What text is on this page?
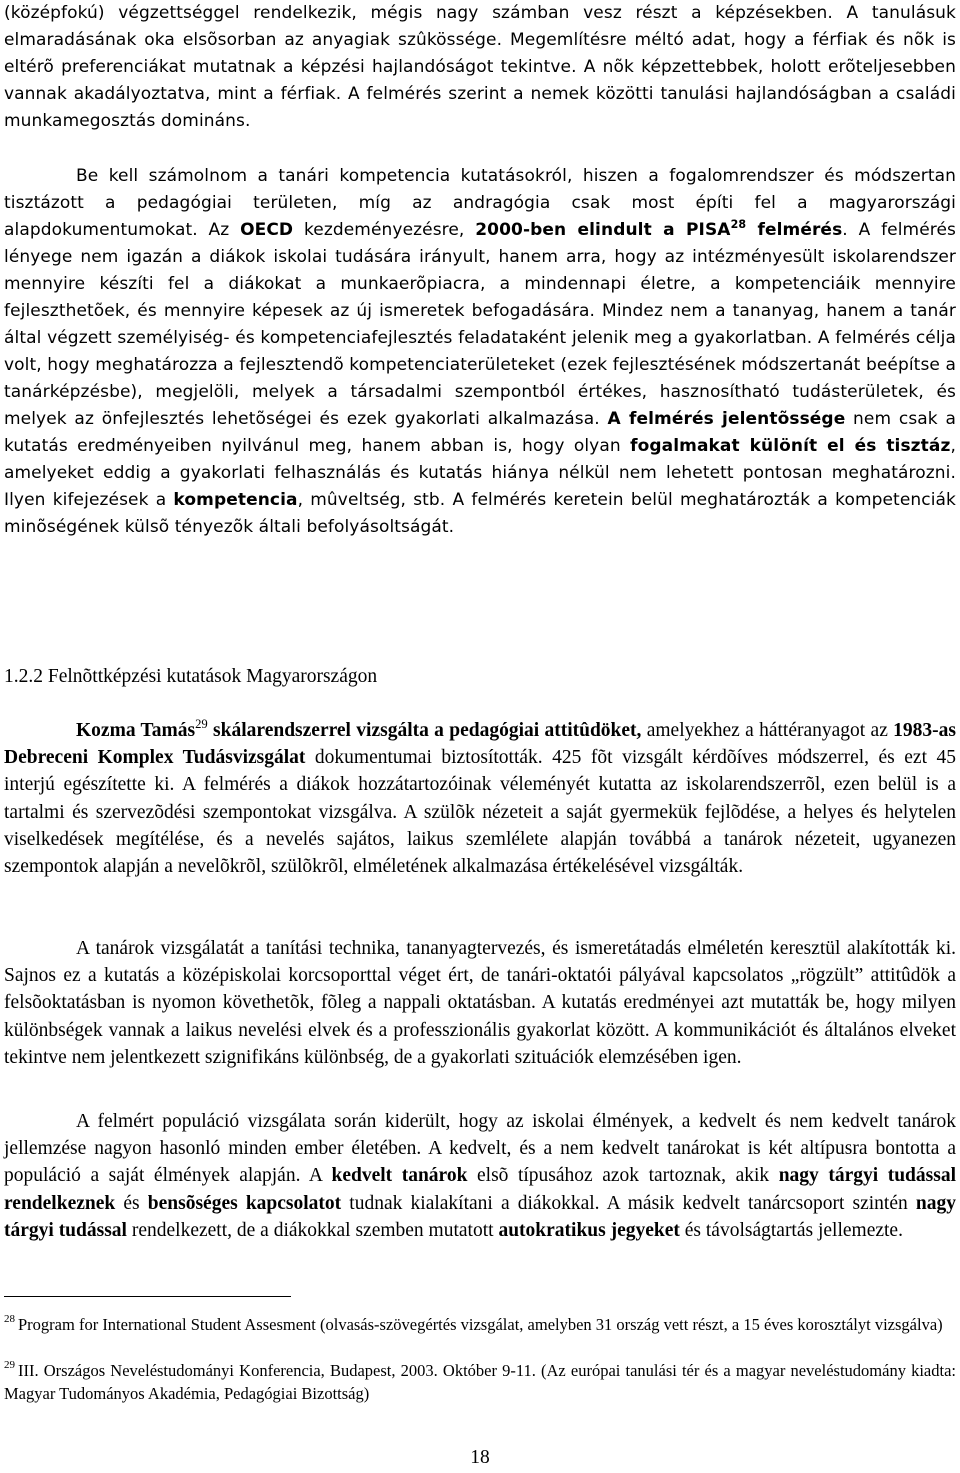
(középfokú) végzettséggel rendelkezik, mégis nagy számban vesz részt a képzésekben. A tanulásuk elmaradásának oka elsõsorban az anyagiak szûkössége. Megemlítésre méltó adat, hogy a férfiak és nõk is eltérõ preferenciákat mutatnak a képzési hajlandóságot tekintve. A nõk képzettebbek, holott erõteljesebben vannak akadályoztatva, mint a férfiak. A felmérés szerint a nemek közötti tanulási hajlandóságban a családi munkamegosztás domináns.

Be kell számolnom a tanári kompetencia kutatásokról, hiszen a fogalomrendszer és módszertan tisztázott a pedagógiai területen, míg az andragógia csak most építi fel a magyarországi alapdokumentumokat. Az OECD kezdeményezésre, 2000-ben elindult a PISA$^{28}$ felmérés. A felmérés lényege nem igazán a diákok iskolai tudására irányult, hanem arra, hogy az intézményesült iskolarendszer mennyire készíti fel a diákokat a munkaerõpiacra, a mindennapi életre, a kompetenciáik mennyire fejleszthetõek, és mennyire képesek az új ismeretek befogadására. Mindez nem a tananyag, hanem a tanár által végzett személyiség- és kompetenciafejlesztés feladataként jelenik meg a gyakorlatban. A felmérés célja volt, hogy meghatározza a fejlesztendõ kompetenciaterületeket (ezek fejlesztésének módszertanát beépítse a tanárképzésbe), megjelöli, melyek a társadalmi szempontból értékes, hasznosítható tudásterületek, és melyek az önfejlesztés lehetõségei és ezek gyakorlati alkalmazása. A felmérés jelentõssége nem csak a kutatás eredményeiben nyilvánul meg, hanem abban is, hogy olyan fogalmakat különít el és tisztáz, amelyeket eddig a gyakorlati felhasználás és kutatás hiánya nélkül nem lehetett pontosan meghatározni. Ilyen kifejezések a kompetencia, mûveltség, stb. A felmérés keretein belül meghatározták a kompetenciák minõségének külsõ tényezõk általi befolyásoltságát.

1.2.2 Felnõttképzési kutatások Magyarországon

Kozma Tamás$^{29}$ skálarendszerrel vizsgálta a pedagógiai attitûdöket, amelyekhez a háttéranyagot az 1983-as Debreceni Komplex Tudásvizsgálat dokumentumai biztosították. 425 fõt vizsgált kérdõíves módszerrel, és ezt 45 interjú egészítette ki. A felmérés a diákok hozzátartozóinak véleményét kutatta az iskolarendszerrõl, ezen belül is a tartalmi és szervezõdési szempontokat vizsgálva. A szülõk nézeteit a saját gyermekük fejlõdése, a helyes és helytelen viselkedések megítélése, és a nevelés sajátos, laikus szemlélete alapján továbbá a tanárok nézeteit, ugyanezen szempontok alapján a nevelõkrõl, szülõkrõl, elméletének alkalmazása értékelésével vizsgálták.

A tanárok vizsgálatát a tanítási technika, tananyagtervezés, és ismeretátadás elméletén keresztül alakították ki. Sajnos ez a kutatás a középiskolai korcsoporttal véget ért, de tanári-oktatói pályával kapcsolatos „rögzült” attitûdök a felsõoktatásban is nyomon követhetõk, fõleg a nappali oktatásban. A kutatás eredményei azt mutatták be, hogy milyen különbségek vannak a laikus nevelési elvek és a professzionális gyakorlat között. A kommunikációt és általános elveket tekintve nem jelentkezett szignifikáns különbség, de a gyakorlati szituációk elemzésében igen.

A felmért populáció vizsgálata során kiderült, hogy az iskolai élmények, a kedvelt és nem kedvelt tanárok jellemzése nagyon hasonló minden ember életében. A kedvelt, és a nem kedvelt tanárokat is két altípusra bontotta a populáció a saját élmények alapján. A kedvelt tanárok elsõ típusához azok tartoznak, akik nagy tárgyi tudással rendelkeznek és bensõséges kapcsolatot tudnak kialakítani a diákokkal. A másik kedvelt tanárcsoport szintén nagy tárgyi tudással rendelkezett, de a diákokkal szemben mutatott autokratikus jegyeket és távolságtartás jellemezte.

$^{28}$ Program for International Student Assesment (olvasás-szövegértés vizsgálat, amelyben 31 ország vett részt, a 15 éves korosztályt vizsgálva)

$^{29}$ III. Országos Neveléstudományi Konferencia, Budapest, 2003. Október 9-11. (Az európai tanulási tér és a magyar neveléstudomány kiadta: Magyar Tudományos Akadémia, Pedagógiai Bizottság)

18
